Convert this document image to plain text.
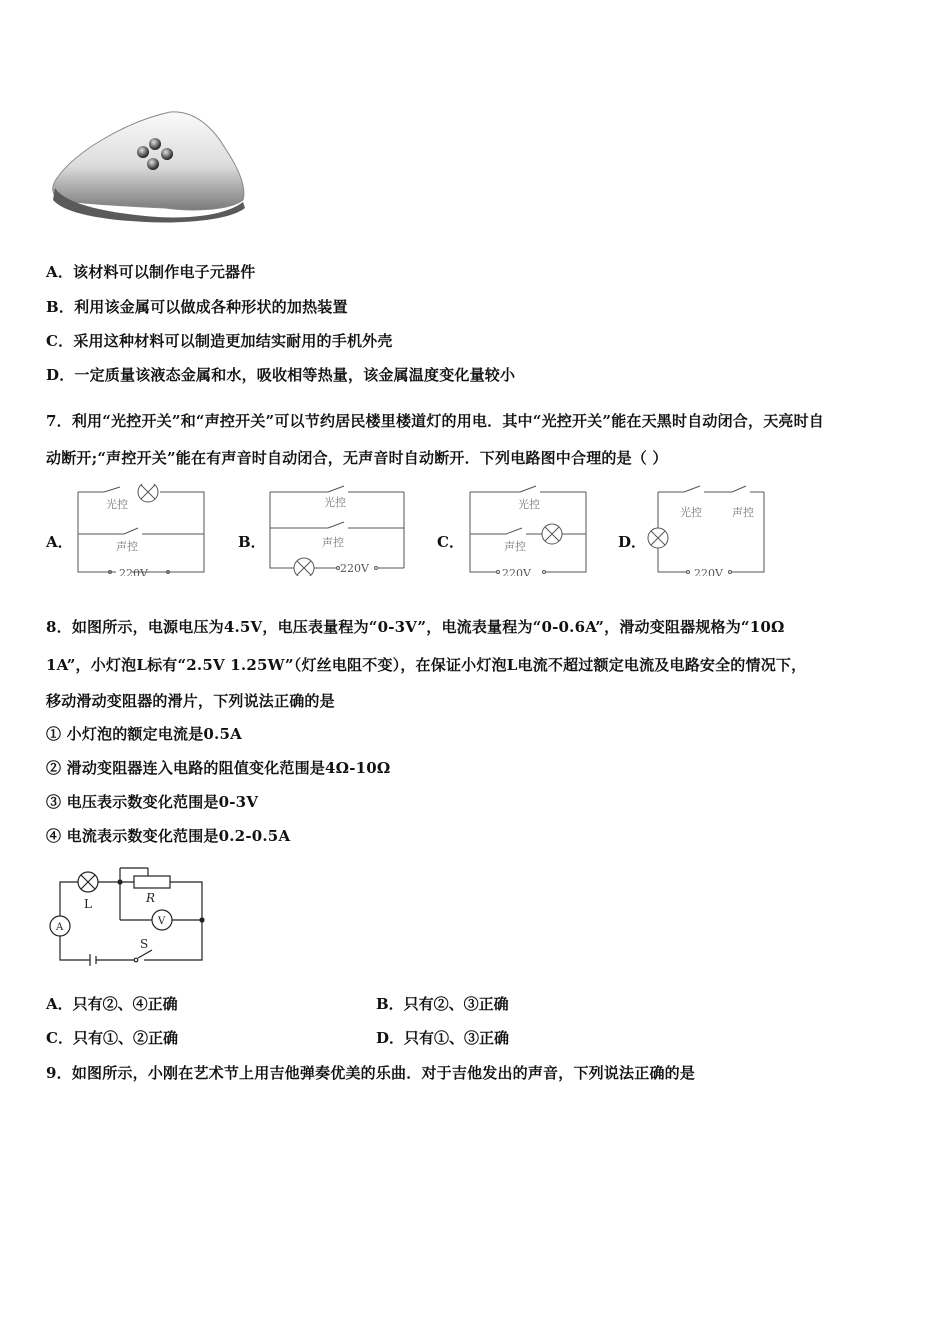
A．该材料可以制作电子元器件
B．利用该金属可以做成各种形状的加热装置
C．采用这种材料可以制造更加结实耐用的手机外壳
D．一定质量该液态金属和水，吸收相等热量，该金属温度变化量较小
7．利用“光控开关”和“声控开关”可以节约居民楼里楼道灯的用电．其中“光控开关”能在天黑时自动闭合，天亮时自
动断开;“声控开关”能在有声音时自动闭合，无声音时自动断开．下列电路图中合理的是（ ）
A．	B．	C．	D．
光控
声控
220V
光控
声控
220V
光控
声控
220V
光控	声控
220V
8．如图所示，电源电压为4.5V，电压表量程为“0-3V”，电流表量程为“0-0.6A”，滑动变阻器规格为“10Ω
1A”，小灯泡L标有“2.5V 1.25W”（灯丝电阻不变），在保证小灯泡L电流不超过额定电流及电路安全的情况下，
移动滑动变阻器的滑片，下列说法正确的是
① 小灯泡的额定电流是0.5A
② 滑动变阻器连入电路的阻值变化范围是4Ω-10Ω
③ 电压表示数变化范围是0-3V
④ 电流表示数变化范围是0.2-0.5A
L	R
V
A
S
A．只有②、④正确	B．只有②、③正确
C．只有①、②正确	D．只有①、③正确
9．如图所示，小刚在艺术节上用吉他弹奏优美的乐曲．对于吉他发出的声音，下列说法正确的是
